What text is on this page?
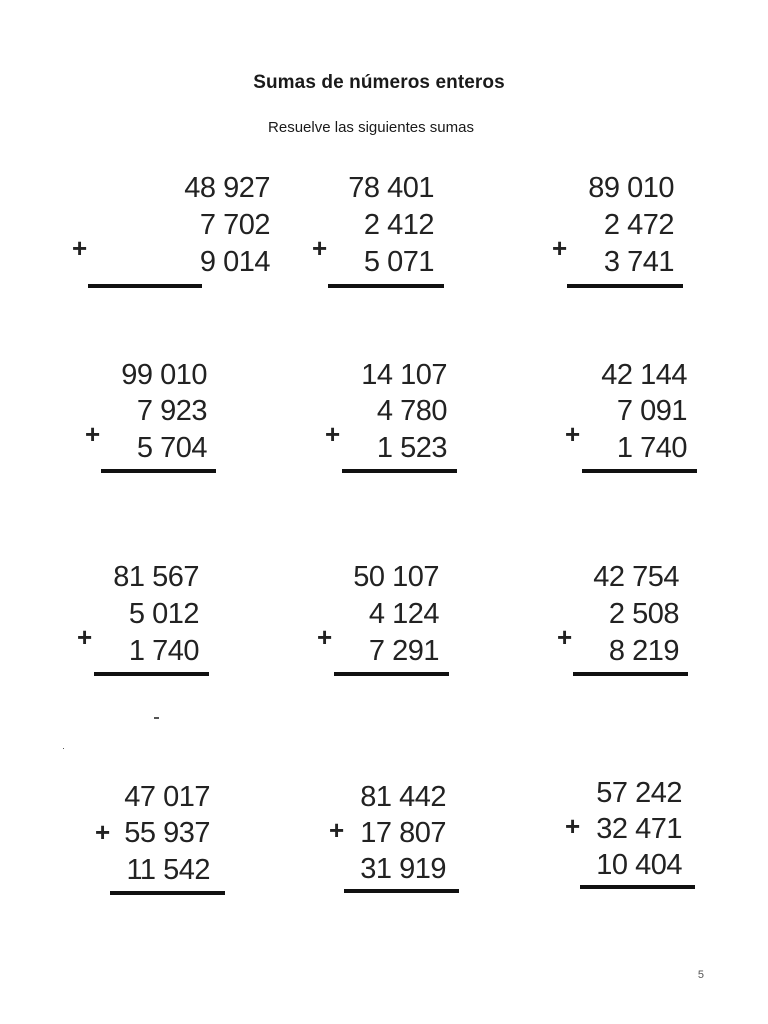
Sumas de números enteros
Resuelve las siguientes sumas
48 927
7 702
9 014
+
78 401
2 412
5 071
+
89 010
2 472
3 741
+
99 010
7 923
5 704
+
14 107
4 780
1 523
+
42 144
7 091
1 740
+
81 567
5 012
1 740
+
50 107
4 124
7 291
+
42 754
2 508
8 219
+
47 017
55 937
11 542
+
81 442
17 807
31 919
+
57 242
32 471
10 404
+
5
